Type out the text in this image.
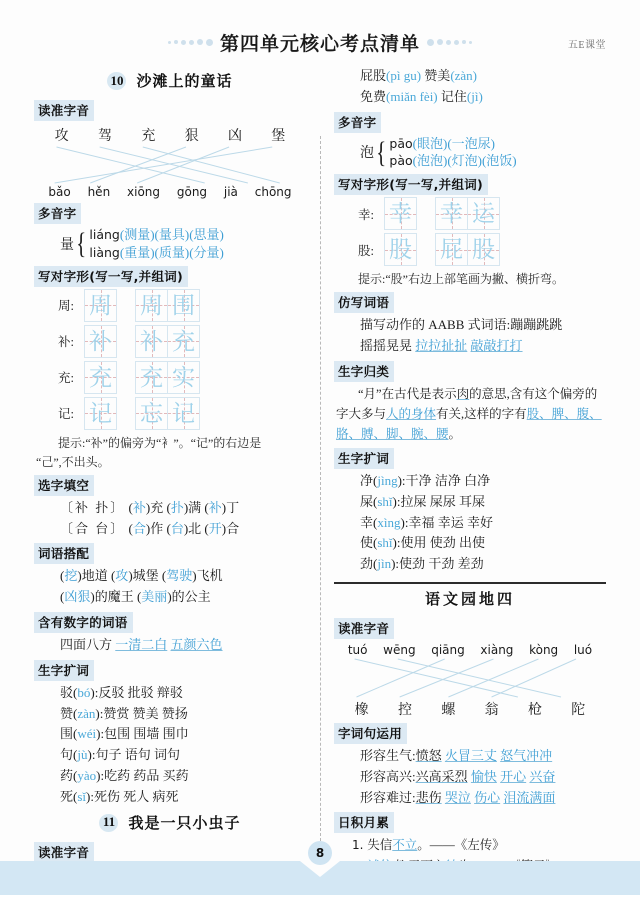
第四单元核心考点清单	五E课堂
10 沙滩上的童话
读准字音
攻 驾 充 狠 凶 堡
bǎo hěn xiōng gōng jià chōng
多音字
量 { liáng(测量)(量具)(思量)
liàng(重量)(质量)(分量)
写对字形(写一写,并组词)
周: 周 周 围
补: 补 补 充
充: 充 充 实
记: 记 忘 记
提示:“补”的偏旁为“衤”。“记”的右边是
“己”,不出头。
选字填空
〔补 扑〕 (补)充 (扑)满 (补)丁
〔合 台〕 (合)作 (台)北 (开)合
词语搭配
(挖)地道 (攻)城堡 (驾驶)飞机
(凶狠)的魔王 (美丽)的公主
含有数字的词语
四面八方 一清二白 五颜六色
生字扩词
驳(bó):反驳 批驳 辩驳
赞(zàn):赞赏 赞美 赞扬
围(wéi):包围 围墙 围巾
句(jù):句子 语句 词句
药(yào):吃药 药品 买药
死(sǐ):死伤 死人 病死
11 我是一只小虫子
读准字音
屁股(pì gu) 赞美(zàn)
免费(miǎn fèi) 记住(jì)
多音字
泡 { pāo(眼泡)(一泡尿)
pào(泡泡)(灯泡)(泡饭)
写对字形(写一写,并组词)
幸: 幸 幸 运
股: 股 屁 股
提示:“股”右边上部笔画为撇、横折弯。
仿写词语
描写动作的 AABB 式词语:蹦蹦跳跳
摇摇晃晃 拉拉扯扯 敲敲打打
生字归类
“月”在古代是表示肉的意思,含有这个偏旁的字大多与人的身体有关,这样的字有股、脾、腹、胳、膊、脚、腕、腰。
生字扩词
净(jìng):干净 洁净 白净
屎(shǐ):拉屎 屎尿 耳屎
幸(xìng):幸福 幸运 幸好
使(shǐ):使用 使劲 出使
劲(jìn):使劲 干劲 差劲
语文园地四
读准字音
tuó wēng qiāng xiàng kòng luó
橡 控 螺 翁 枪 陀
字词句运用
形容生气:愤怒 火冒三丈 怒气冲冲
形容高兴:兴高采烈 愉快 开心 兴奋
形容难过:悲伤 哭泣 伤心 泪流满面
日积月累
1. 失信不立。——《左传》
8
